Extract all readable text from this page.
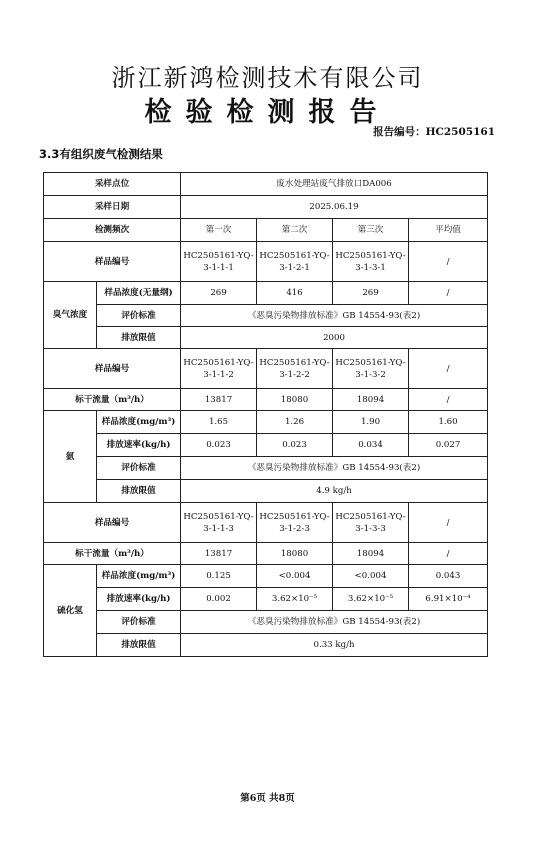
浙江新鸿检测技术有限公司
检验检测报告
报告编号：HC2505161
3.3有组织废气检测结果
采样点位		废水处理站废气排放口DA006			
采样日期		2025.06.19			
检测频次		第一次	第二次	第三次	平均值
样品编号		HC2505161-YQ-3-1-1-1	HC2505161-YQ-3-1-2-1	HC2505161-YQ-3-1-3-1	/
臭气浓度	样品浓度(无量纲)	269	416	269	/
	评价标准	《恶臭污染物排放标准》GB 14554-93(表2)			
	排放限值	2000			
样品编号		HC2505161-YQ-3-1-1-2	HC2505161-YQ-3-1-2-2	HC2505161-YQ-3-1-3-2	/
标干流量（m³/h）		13817	18080	18094	/
氨	样品浓度(mg/m³)	1.65	1.26	1.90	1.60
	排放速率(kg/h)	0.023	0.023	0.034	0.027
	评价标准	《恶臭污染物排放标准》GB 14554-93(表2)			
	排放限值	4.9 kg/h			
样品编号		HC2505161-YQ-3-1-1-3	HC2505161-YQ-3-1-2-3	HC2505161-YQ-3-1-3-3	/
标干流量（m³/h）		13817	18080	18094	/
硫化氢	样品浓度(mg/m³)	0.125	<0.004	<0.004	0.043
	排放速率(kg/h)	0.002	3.62×10⁻⁵	3.62×10⁻⁵	6.91×10⁻⁴
	评价标准	《恶臭污染物排放标准》GB 14554-93(表2)			
	排放限值	0.33 kg/h			
第6页 共8页
